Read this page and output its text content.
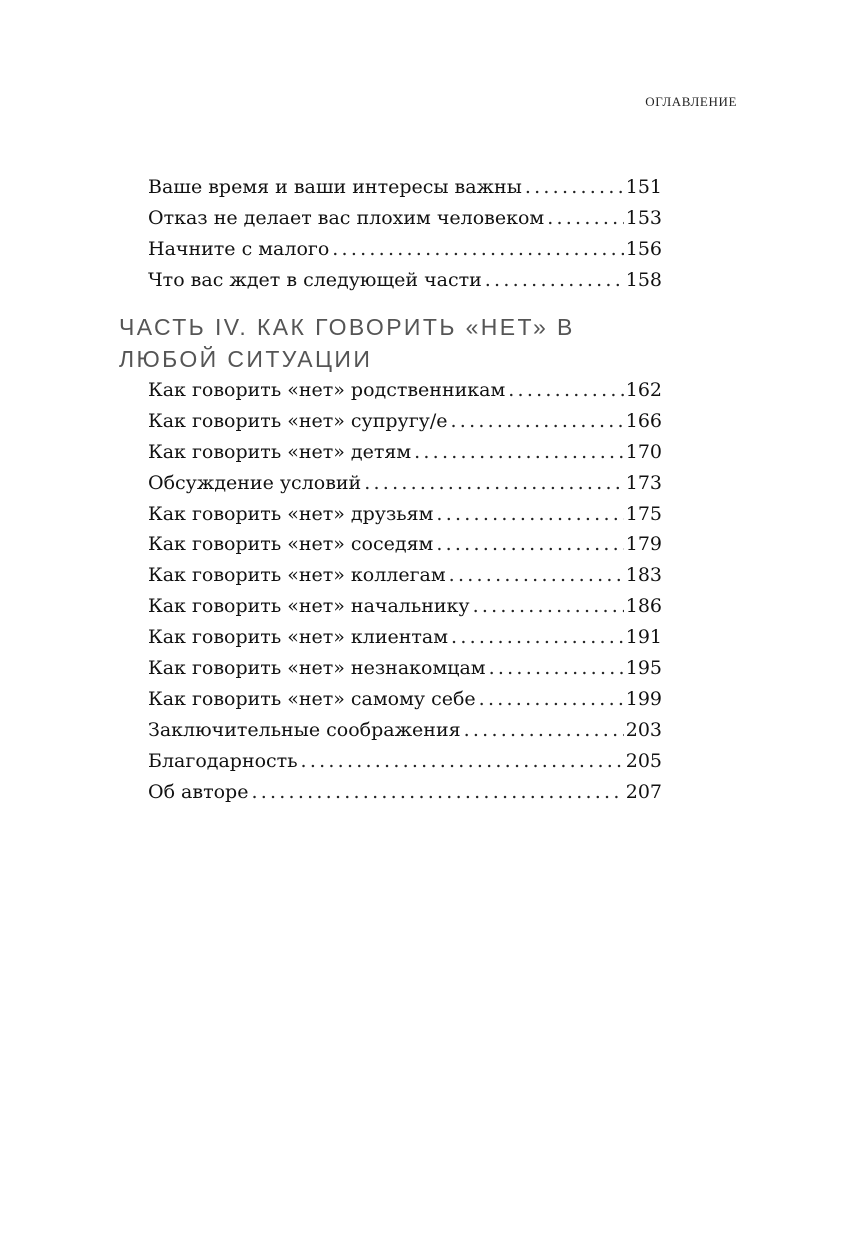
ОГЛАВЛЕНИЕ
Ваше время и ваши интересы важны . . .	151
Отказ не делает вас плохим человеком . . .	153
Начните с малого . . .	156
Что вас ждет в следующей части . . .	158
ЧАСТЬ IV. КАК ГОВОРИТЬ «НЕТ» В ЛЮБОЙ СИТУАЦИИ
Как говорить «нет» родственникам . . .	162
Как говорить «нет» супругу/е . . .	166
Как говорить «нет» детям . . .	170
Обсуждение условий . . .	173
Как говорить «нет» друзьям . . .	175
Как говорить «нет» соседям . . .	179
Как говорить «нет» коллегам . . .	183
Как говорить «нет» начальнику . . .	186
Как говорить «нет» клиентам . . .	191
Как говорить «нет» незнакомцам . . .	195
Как говорить «нет» самому себе . . .	199
Заключительные соображения . . .	203
Благодарность . . .	205
Об авторе . . .	207
